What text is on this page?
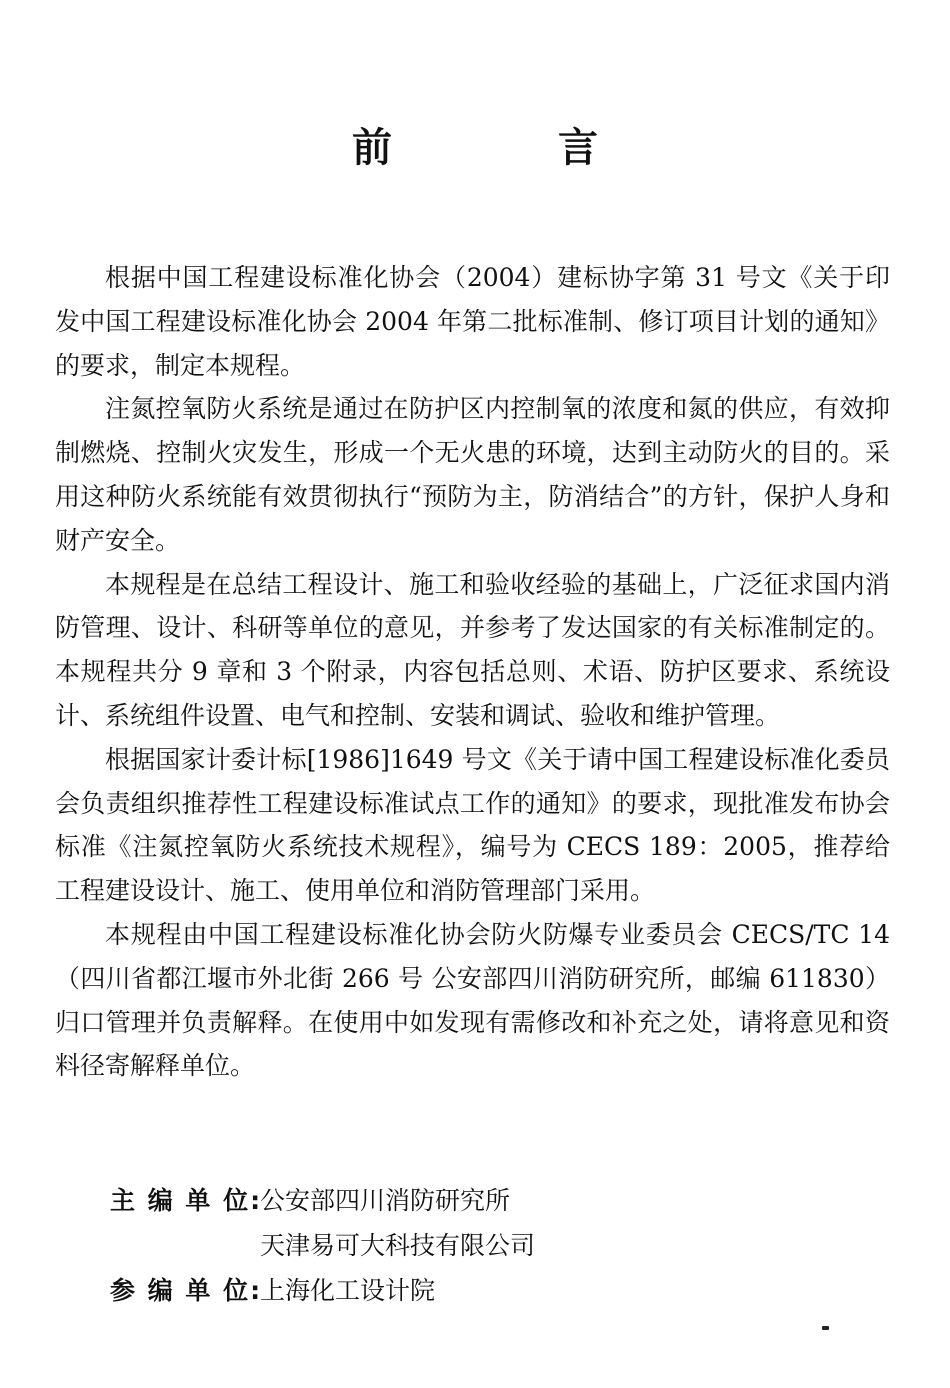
前 言

根据中国工程建设标准化协会（2004）建标协字第 31 号文《关于印发中国工程建设标准化协会 2004 年第二批标准制、修订项目计划的通知》的要求，制定本规程。

注氮控氧防火系统是通过在防护区内控制氧的浓度和氮的供应，有效抑制燃烧、控制火灾发生，形成一个无火患的环境，达到主动防火的目的。采用这种防火系统能有效贯彻执行“预防为主，防消结合”的方针，保护人身和财产安全。

本规程是在总结工程设计、施工和验收经验的基础上，广泛征求国内消防管理、设计、科研等单位的意见，并参考了发达国家的有关标准制定的。本规程共分 9 章和 3 个附录，内容包括总则、术语、防护区要求、系统设计、系统组件设置、电气和控制、安装和调试、验收和维护管理。

根据国家计委计标[1986]1649 号文《关于请中国工程建设标准化委员会负责组织推荐性工程建设标准试点工作的通知》的要求，现批准发布协会标准《注氮控氧防火系统技术规程》，编号为 CECS 189：2005，推荐给工程建设设计、施工、使用单位和消防管理部门采用。

本规程由中国工程建设标准化协会防火防爆专业委员会 CECS/TC 14（四川省都江堰市外北街 266 号 公安部四川消防研究所，邮编 611830）归口管理并负责解释。在使用中如发现有需修改和补充之处，请将意见和资料径寄解释单位。

主 编 单 位:
公安部四川消防研究所
天津易可大科技有限公司
参 编 单 位:
上海化工设计院
